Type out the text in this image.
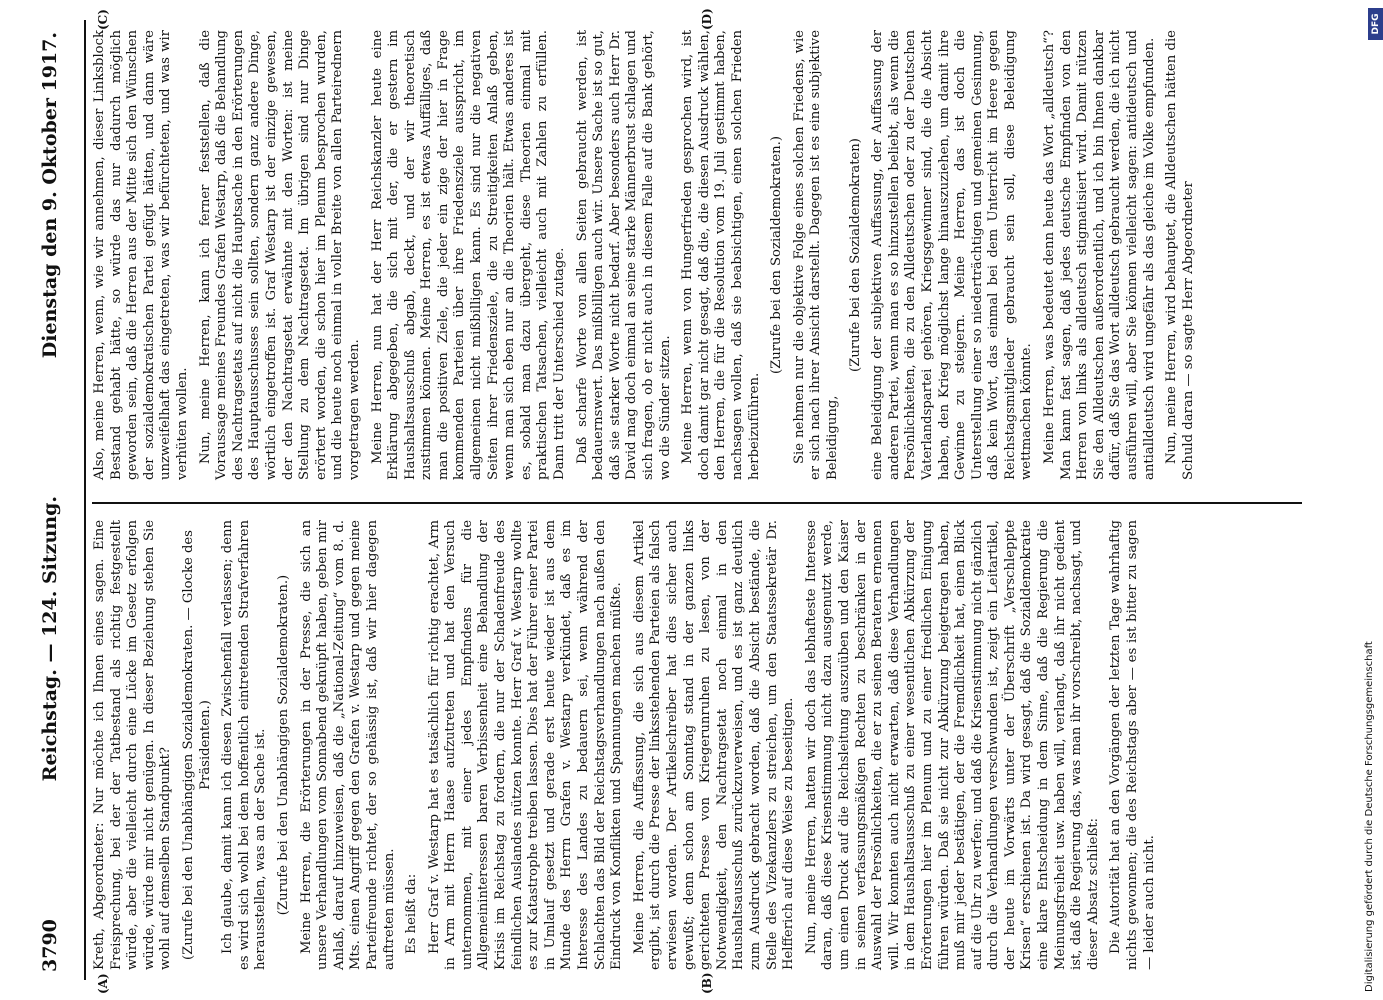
3790
Reichstag. — 124. Sitzung.
Dienstag den 9. Oktober 1917.
(A)	(B)
(C)	(D)

Kreth, Abgeordneter: Nur möchte ich Ihnen eines sagen. Eine Freisprechung, bei der der Tatbestand als richtig festgestellt würde, aber die vielleicht durch eine Lücke im Gesetz erfolgen würde, würde mir nicht genügen. In dieser Beziehung stehen Sie wohl auf demselben Standpunkt? (Zurufe bei den Unabhängigen Sozialdemokraten. — Glocke des Präsidenten.) Ich glaube, damit kann ich diesen Zwischenfall verlassen; denn es wird sich wohl bei dem hoffentlich eintretenden Strafverfahren herausstellen, was an der Sache ist. (Zurufe bei den Unabhängigen Sozialdemokraten.) Meine Herren, die Erörterungen in der Presse, die sich an unsere Verhandlungen vom Sonnabend geknüpft haben, geben mir Anlaß, darauf hinzuweisen, daß die „National-Zeitung“ vom 8. d. Mts. einen Angriff gegen den Grafen v. Westarp und gegen meine Parteifreunde richtet, der so gehässig ist, daß wir hier dagegen auftreten müssen. Es heißt da: Herr Graf v. Westarp hat es tatsächlich für richtig erachtet, Arm in Arm mit Herrn Haase aufzutreten und hat den Versuch unternommen, mit einer jedes Empfindens für die Allgemeininteressen baren Verbissenheit eine Behandlung der Krisis im Reichstag zu fordern, die nur der Schadenfreude des feindlichen Auslandes nützen konnte. Herr Graf v. Westarp wollte es zur Katastrophe treiben lassen. Dies hat der Führer einer Partei in Umlauf gesetzt und gerade erst heute wieder ist aus dem Munde des Herrn Grafen v. Westarp verkündet, daß es im Interesse des Landes zu bedauern sei, wenn während der Schlachten das Bild der Reichstagsverhandlungen nach außen den Eindruck von Konflikten und Spannungen machen müßte. Meine Herren, die Auffassung, die sich aus diesem Artikel ergibt, ist durch die Presse der linksstehenden Parteien als falsch erwiesen worden. Der Artikelschreiber hat dies sicher auch gewußt; denn schon am Sonntag stand in der ganzen links gerichteten Presse von Kriegerunruhen zu lesen, von der Notwendigkeit, den Nachtragsetat noch einmal in den Haushaltsausschuß zurückzuverweisen, und es ist ganz deutlich zum Ausdruck gebracht worden, daß die Absicht bestände, die Stelle des Vizekanzlers zu streichen, um den Staatssekretär Dr. Helfferich auf diese Weise zu beseitigen. Nun, meine Herren, hatten wir doch das lebhafteste Interesse daran, daß diese Krisenstimmung nicht dazu ausgenutzt werde, um einen Druck auf die Reichsleitung auszuüben und den Kaiser in seinen verfassungsmäßigen Rechten zu beschränken in der Auswahl der Persönlichkeiten, die er zu seinen Beratern ernennen will. Wir konnten auch nicht erwarten, daß diese Verhandlungen in dem Haushaltsausschuß zu einer wesentlichen Abkürzung der Erörterungen hier im Plenum und zu einer friedlichen Einigung führen würden. Daß sie nicht zur Abkürzung beigetragen haben, muß mir jeder bestätigen, der die Fremdlichkeit hat, einen Blick auf die Uhr zu werfen; und daß die Krisenstimmung nicht gänzlich durch die Verhandlungen verschwunden ist, zeigt ein Leitartikel, der heute im Vorwärts unter der Überschrift „Verschleppte Krisen“ erschienen ist. Da wird gesagt, daß die Sozialdemokratie eine klare Entscheidung in dem Sinne, daß die Regierung die Meinungsfreiheit usw. haben will, verlangt, daß ihr nicht gedient ist, daß die Regierung das, was man ihr vorschreibt, nachsagt, und dieser Absatz schließt: Die Autorität hat an den Vorgängen der letzten Tage wahrhaftig nichts gewonnen; die des Reichstags aber — es ist bitter zu sagen — leider auch nicht.

Also, meine Herren, wenn, wie wir annehmen, dieser Linksblock Bestand gehabt hätte, so würde das nur dadurch möglich geworden sein, daß die Herren aus der Mitte sich den Wünschen der sozialdemokratischen Partei gefügt hätten, und dann wäre unzweifelhaft das eingetreten, was wir befürchteten, und was wir verhüten wollen. Nun, meine Herren, kann ich ferner feststellen, daß die Voraussage meines Freundes Grafen Westarp, daß die Behandlung des Nachtragsetats auf nicht die Hauptsache in den Erörterungen des Hauptausschusses sein sollten, sondern ganz andere Dinge, wörtlich eingetroffen ist. Graf Westarp ist der einzige gewesen, der den Nachtragsetat erwähnte mit den Worten: ist meine Stellung zu dem Nachtragsetat. Im übrigen sind nur Dinge erörtert worden, die schon hier im Plenum besprochen wurden, und die heute noch einmal in voller Breite von allen Parteirednern vorgetragen werden. Meine Herren, nun hat der Herr Reichskanzler heute eine Erklärung abgegeben, die sich mit der, die er gestern im Haushaltsausschuß abgab, deckt, und der wir theoretisch zustimmen können. Meine Herren, es ist etwas Auffälliges, daß man die positiven Ziele, die jeder ein zige der hier in Frage kommenden Parteien über ihre Friedensziele ausspricht, im allgemeinen nicht mißbilligen kann. Es sind nur die negativen Seiten ihrer Friedensziele, die zu Streitigkeiten Anlaß geben, wenn man sich eben nur an die Theorien hält. Etwas anderes ist es, sobald man dazu übergeht, diese Theorien einmal mit praktischen Tatsachen, vielleicht auch mit Zahlen zu erfüllen. Dann tritt der Unterschied zutage. Daß scharfe Worte von allen Seiten gebraucht werden, ist bedauernswert. Das mißbilligen auch wir. Unsere Sache ist so gut, daß sie starker Worte nicht bedarf. Aber besonders auch Herr Dr. David mag doch einmal an seine starke Männerbrust schlagen und sich fragen, ob er nicht auch in diesem Falle auf die Bank gehört, wo die Sünder sitzen. Meine Herren, wenn von Hungerfrieden gesprochen wird, ist doch damit gar nicht gesagt, daß die, die diesen Ausdruck wählen, den Herren, die für die Resolution vom 19. Juli gestimmt haben, nachsagen wollen, daß sie beabsichtigen, einen solchen Frieden herbeizuführen.

(Zurufe bei den Sozialdemokraten.) Sie nehmen nur die objektive Folge eines solchen Friedens, wie er sich nach ihrer Ansicht darstellt. Dagegen ist es eine subjektive Beleidigung,

(Zurufe bei den Sozialdemokraten) eine Beleidigung der subjektiven Auffassung, der Auffassung der anderen Partei, wenn man es so hinzustellen beliebt, als wenn die Persönlichkeiten, die zu den Alldeutschen oder zu der Deutschen Vaterlandspartei gehören, Kriegsgewinner sind, die die Absicht haben, den Krieg möglichst lange hinauszuziehen, um damit ihre Gewinne zu steigern. Meine Herren, das ist doch die Unterstellung einer so niederträchtigen und gemeinen Gesinnung, daß kein Wort, das einmal bei dem Unterricht im Heere gegen Reichstagsmitglieder gebraucht sein soll, diese Beleidigung wettmachen könnte. Meine Herren, was bedeutet denn heute das Wort „alldeutsch“? Man kann fast sagen, daß jedes deutsche Empfinden von den Herren von links als alldeutsch stigmatisiert wird. Damit nützen Sie den Alldeutschen außerordentlich, und ich bin Ihnen dankbar dafür, daß Sie das Wort alldeutsch gebraucht werden, die ich nicht ausführen will, aber Sie können vielleicht sagen: antideutsch und antialldeutsch wird ungefähr als das gleiche im Volke empfunden. Nun, meine Herren, wird behauptet, die Alldeutschen hätten die Schuld daran — so sagte Herr Abgeordneter

DFG
Digitalisierung gefördert durch die Deutsche Forschungsgemeinschaft
